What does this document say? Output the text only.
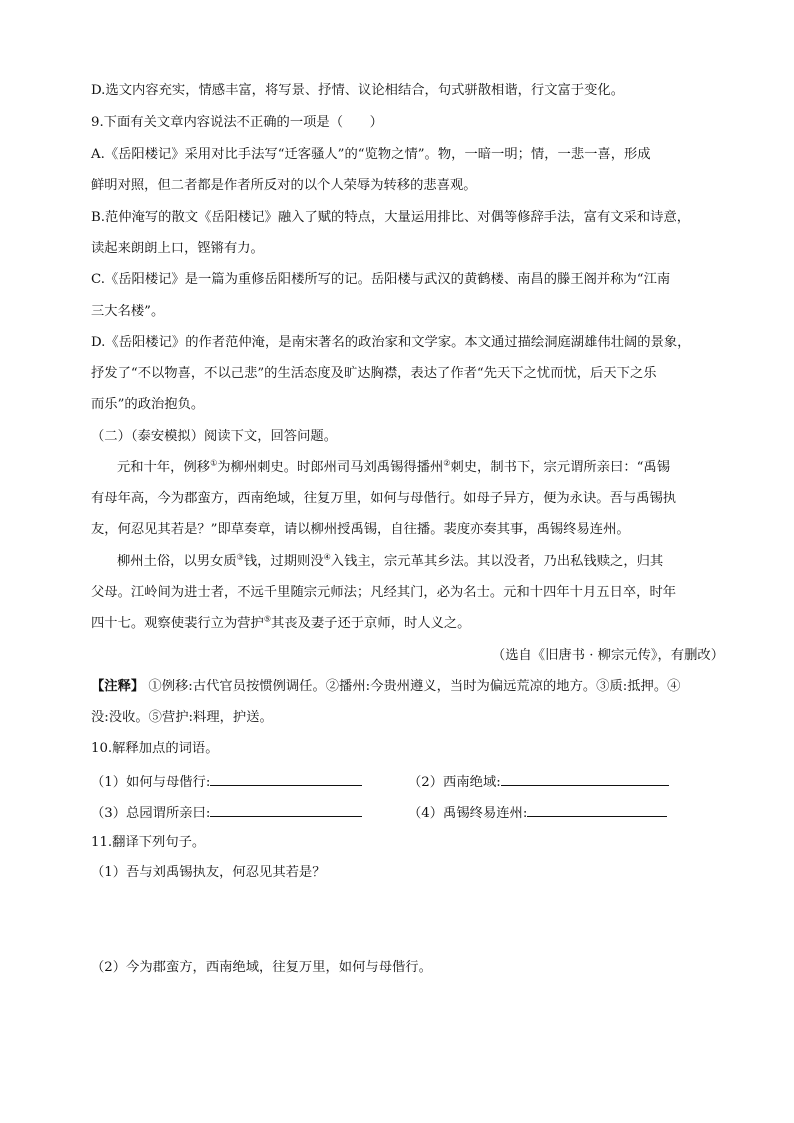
D.选文内容充实，情感丰富，将写景、抒情、议论相结合，句式骈散相谐，行文富于变化。
9.下面有关文章内容说法不正确的一项是（　　）
A.《岳阳楼记》采用对比手法写“迁客骚人”的“览物之情”。物，一暗一明；情，一悲一喜，形成
鲜明对照，但二者都是作者所反对的以个人荣辱为转移的悲喜观。
B.范仲淹写的散文《岳阳楼记》融入了赋的特点，大量运用排比、对偶等修辞手法，富有文采和诗意，
读起来朗朗上口，铿锵有力。
C.《岳阳楼记》是一篇为重修岳阳楼所写的记。岳阳楼与武汉的黄鹤楼、南昌的滕王阁并称为“江南
三大名楼”。
D.《岳阳楼记》的作者范仲淹，是南宋著名的政治家和文学家。本文通过描绘洞庭湖雄伟壮阔的景象，
抒发了“不以物喜，不以己悲”的生活态度及旷达胸襟，表达了作者“先天下之忧而忧，后天下之乐
而乐”的政治抱负。
（二）（泰安模拟）阅读下文，回答问题。
元和十年，例移①为柳州刺史。时郎州司马刘禹锡得播州②刺史，制书下，宗元谓所亲曰：“禹锡
有母年高，今为郡蛮方，西南绝域，往复万里，如何与母偕行。如母子异方，便为永诀。吾与禹锡执
友，何忍见其若是？”即草奏章，请以柳州授禹锡，自往播。裴度亦奏其事，禹锡终易连州。
柳州土俗，以男女质③钱，过期则没④入钱主，宗元革其乡法。其以没者，乃出私钱赎之，归其
父母。江岭间为进士者，不远千里随宗元师法；凡经其门，必为名士。元和十四年十月五日卒，时年
四十七。观察使裴行立为营护⑤其丧及妻子还于京师，时人义之。
（选自《旧唐书 · 柳宗元传》，有删改）
【注释】 ①例移:古代官员按惯例调任。②播州:今贵州遵义，当时为偏远荒凉的地方。③质:抵押。④
没:没收。⑤营护:料理，护送。
10.解释加点的词语。
（1）如何与母偕行:	（2）西南绝域:
（3）总园谓所亲曰:	（4）禹锡终易连州:
11.翻译下列句子。
（1）吾与刘禹锡执友，何忍见其若是？
（2）今为郡蛮方，西南绝域，往复万里，如何与母偕行。
